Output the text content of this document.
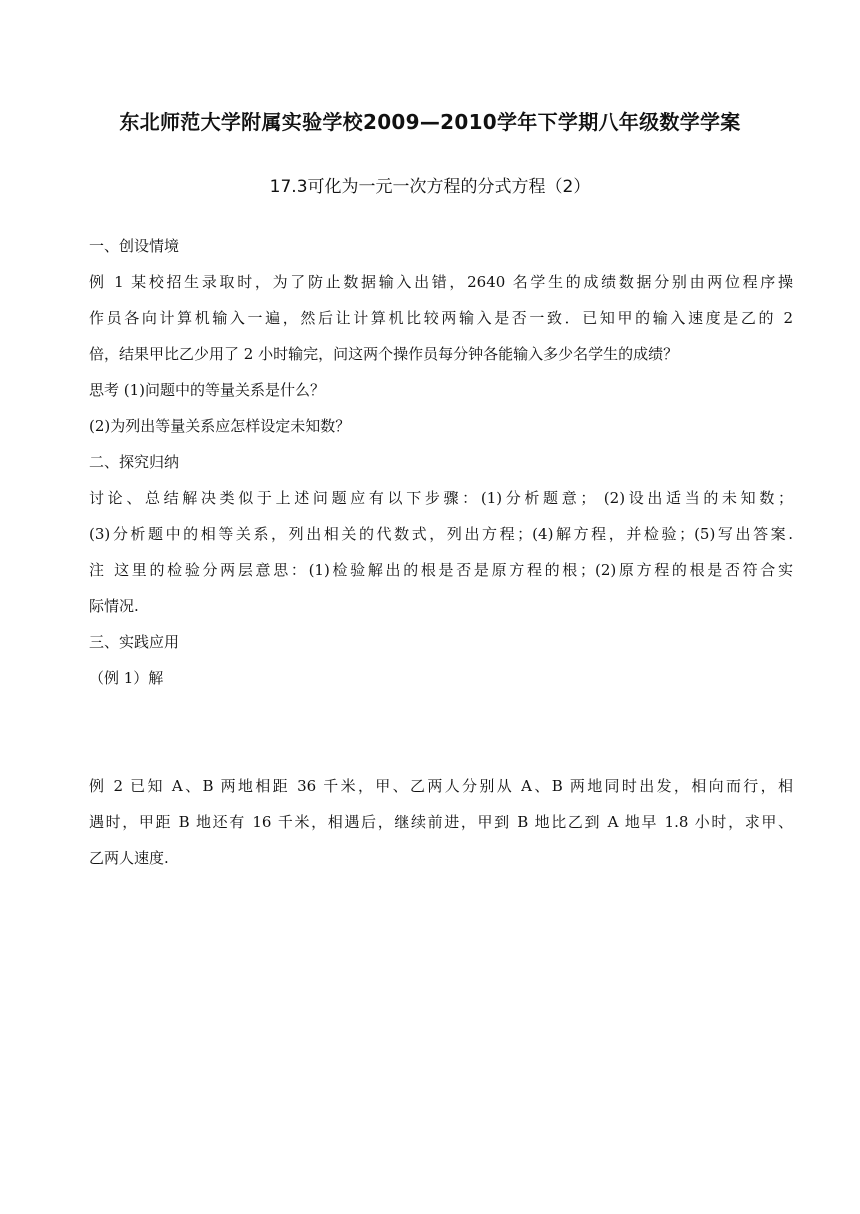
东北师范大学附属实验学校2009—2010学年下学期八年级数学学案
17.3可化为一元一次方程的分式方程（2）
一、创设情境
例 1 某校招生录取时，为了防止数据输入出错，2640 名学生的成绩数据分别由两位程序操
作员各向计算机输入一遍，然后让计算机比较两输入是否一致．已知甲的输入速度是乙的 2
倍，结果甲比乙少用了 2 小时输完，问这两个操作员每分钟各能输入多少名学生的成绩？
思考 (1)问题中的等量关系是什么？
(2)为列出等量关系应怎样设定未知数？
二、探究归纳
讨论、总结解决类似于上述问题应有以下步骤：(1)分析题意； (2)设出适当的未知数；
(3)分析题中的相等关系，列出相关的代数式，列出方程；(4)解方程，并检验；(5)写出答案.
注 这里的检验分两层意思：(1)检验解出的根是否是原方程的根；(2)原方程的根是否符合实
际情况.
三、实践应用
（例 1）解
例 2 已知 A、B 两地相距 36 千米，甲、乙两人分别从 A、B 两地同时出发，相向而行，相
遇时，甲距 B 地还有 16 千米，相遇后，继续前进，甲到 B 地比乙到 A 地早 1.8 小时，求甲、
乙两人速度.
